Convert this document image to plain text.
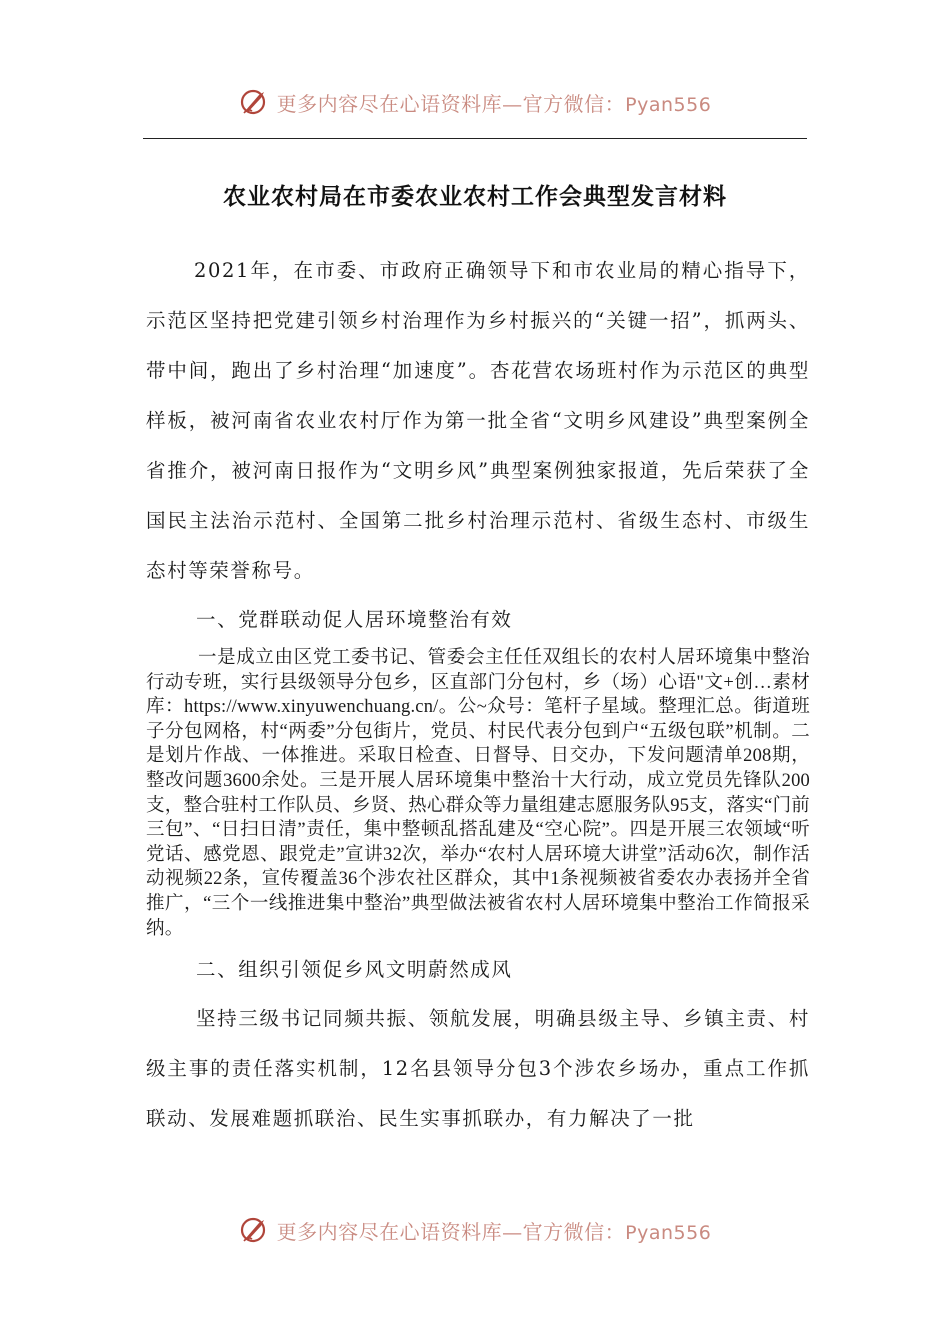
更多内容尽在心语资料库—官方微信：Pyan556
农业农村局在市委农业农村工作会典型发言材料

2021年，在市委、市政府正确领导下和市农业局的精心指导下，示范区坚持把党建引领乡村治理作为乡村振兴的“关键一招”，抓两头、带中间，跑出了乡村治理“加速度”。杏花营农场班村作为示范区的典型样板，被河南省农业农村厅作为第一批全省“文明乡风建设”典型案例全省推介，被河南日报作为“文明乡风”典型案例独家报道，先后荣获了全国民主法治示范村、全国第二批乡村治理示范村、省级生态村、市级生态村等荣誉称号。

一、党群联动促人居环境整治有效

一是成立由区党工委书记、管委会主任任双组长的农村人居环境集中整治行动专班，实行县级领导分包乡，区直部门分包村，乡（场）心语"文+创…素材库：https://www.xinyuwenchuang.cn/。公~众号：笔杆子星域。整理汇总。街道班子分包网格，村“两委”分包街片，党员、村民代表分包到户“五级包联”机制。二是划片作战、一体推进。采取日检查、日督导、日交办，下发问题清单208期，整改问题3600余处。三是开展人居环境集中整治十大行动，成立党员先锋队200支，整合驻村工作队员、乡贤、热心群众等力量组建志愿服务队95支，落实“门前三包”、“日扫日清”责任，集中整顿乱搭乱建及“空心院”。四是开展三农领域“听党话、感党恩、跟党走”宣讲32次，举办“农村人居环境大讲堂”活动6次，制作活动视频22条，宣传覆盖36个涉农社区群众，其中1条视频被省委农办表扬并全省推广，“三个一线推进集中整治”典型做法被省农村人居环境集中整治工作简报采纳。

二、组织引领促乡风文明蔚然成风

坚持三级书记同频共振、领航发展，明确县级主导、乡镇主责、村级主事的责任落实机制，12名县领导分包3个涉农乡场办，重点工作抓联动、发展难题抓联治、民生实事抓联办，有力解决了一批

更多内容尽在心语资料库—官方微信：Pyan556
